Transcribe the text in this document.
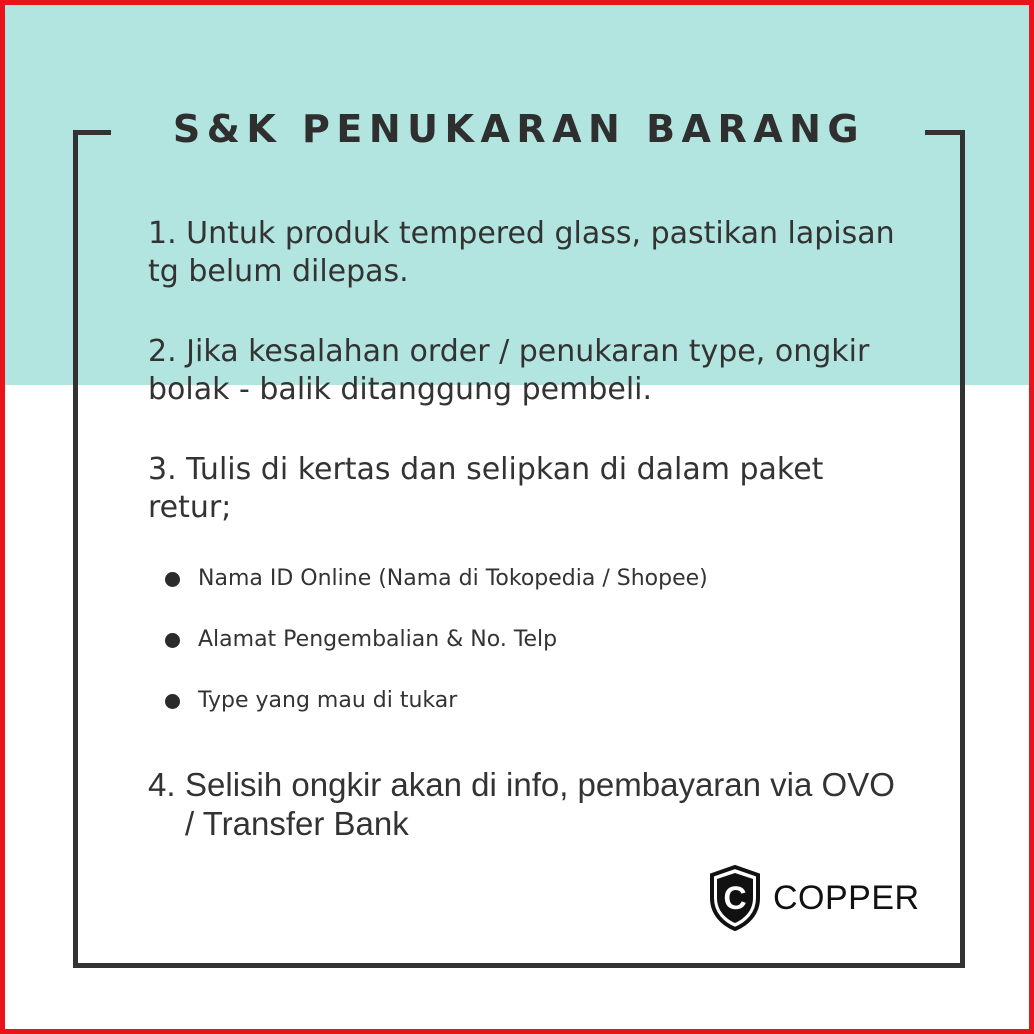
S&K PENUKARAN BARANG
1. Untuk produk tempered glass, pastikan lapisan tg belum dilepas.
2. Jika kesalahan order / penukaran type, ongkir bolak - balik ditanggung pembeli.
3. Tulis di kertas dan selipkan di dalam paket retur;
Nama ID Online (Nama di Tokopedia / Shopee)
Alamat Pengembalian & No. Telp
Type yang mau di tukar
4. Selisih ongkir akan di info, pembayaran via OVO / Transfer Bank
C COPPER
